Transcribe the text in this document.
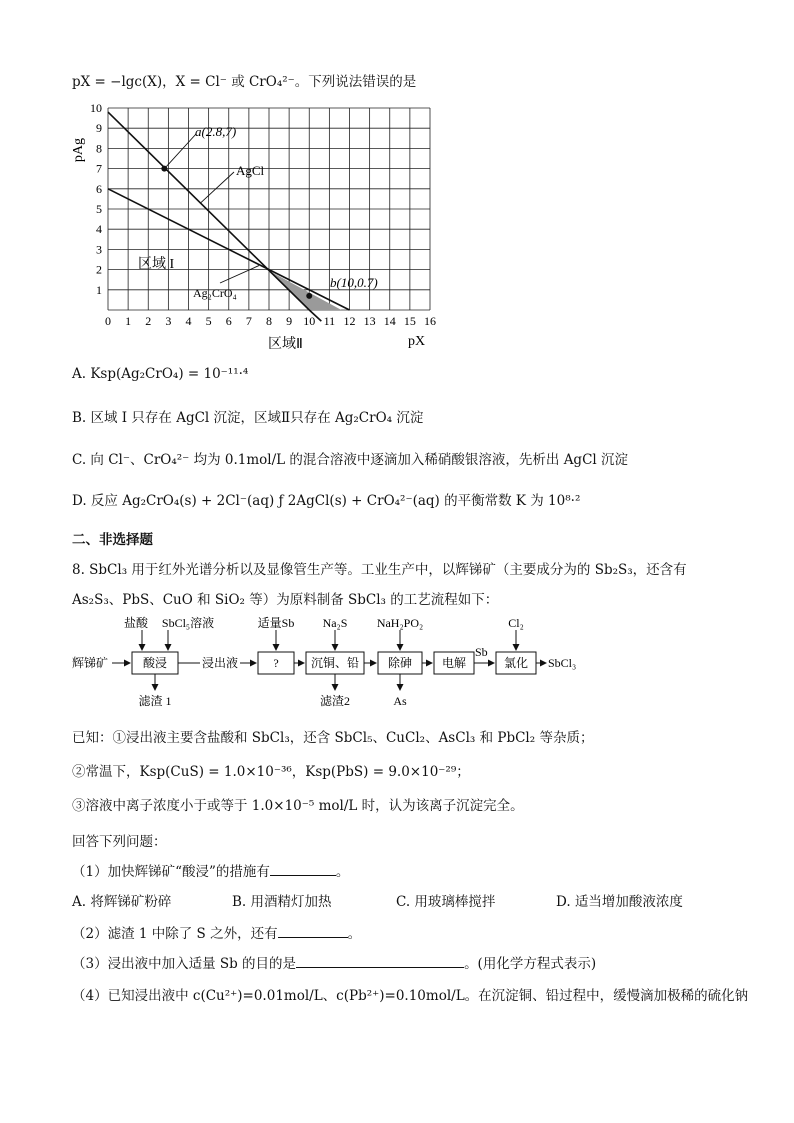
pX = −lgc(X)，X = Cl⁻ 或 CrO₄²⁻。下列说法错误的是
0 1 2 3 4 5 6 7 8 9 10 11 12 13 14 15 16
1
2
3
4
5
6
7
8
9
10
pAg
pX
a(2.8,7)
b(10,0.7)
AgCl
Ag₂CrO₄
区域 I
区域Ⅱ
A. Ksp(Ag₂CrO₄) = 10⁻¹¹·⁴
B. 区域 I 只存在 AgCl 沉淀，区域Ⅱ只存在 Ag₂CrO₄ 沉淀
C. 向 Cl⁻、CrO₄²⁻ 均为 0.1mol/L 的混合溶液中逐滴加入稀硝酸银溶液，先析出 AgCl 沉淀
D. 反应 Ag₂CrO₄(s) + 2Cl⁻(aq) ƒ 2AgCl(s) + CrO₄²⁻(aq) 的平衡常数 K 为 10⁸·²
二、非选择题
8. SbCl₃ 用于红外光谱分析以及显像管生产等。工业生产中，以辉锑矿（主要成分为的 Sb₂S₃，还含有
As₂S₃、PbS、CuO 和 SiO₂ 等）为原料制备 SbCl₃ 的工艺流程如下：
辉锑矿	酸浸	浸出液	?	沉铜、铅 除砷 电解
Sb
氯化 SbCl₃
盐酸 SbCl₅溶液	适量Sb Na₂S NaH₂PO₂	Cl₂
滤渣 1	滤渣2	As
已知：①浸出液主要含盐酸和 SbCl₃，还含 SbCl₅、CuCl₂、AsCl₃ 和 PbCl₂ 等杂质；
②常温下，Ksp(CuS) = 1.0×10⁻³⁶，Ksp(PbS) = 9.0×10⁻²⁹；
③溶液中离子浓度小于或等于 1.0×10⁻⁵ mol/L 时，认为该离子沉淀完全。
回答下列问题：
（1）加快辉锑矿“酸浸”的措施有	。
A. 将辉锑矿粉碎	B. 用酒精灯加热	C. 用玻璃棒搅拌	D. 适当增加酸液浓度
（2）滤渣 1 中除了 S 之外，还有	。
（3）浸出液中加入适量 Sb 的目的是	。(用化学方程式表示)
（4）已知浸出液中 c(Cu²⁺)=0.01mol/L、c(Pb²⁺)=0.10mol/L。在沉淀铜、铅过程中，缓慢滴加极稀的硫化钠
